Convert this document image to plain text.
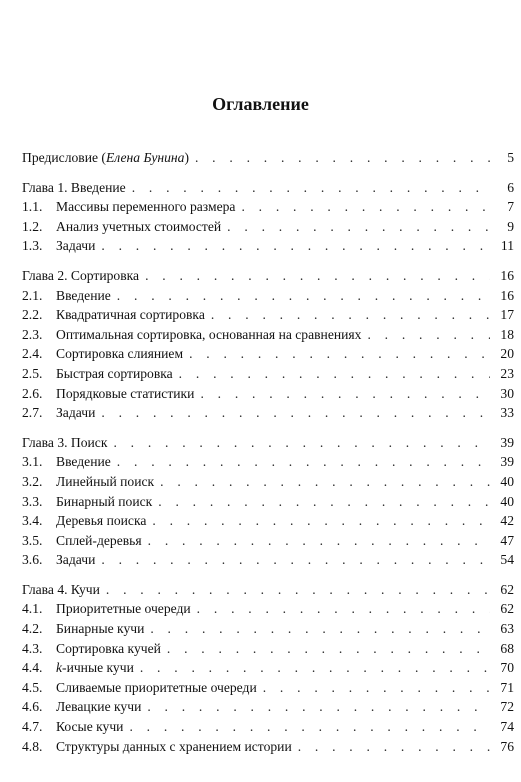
Оглавление
Предисловие (Елена Бунина) . . .	5
Глава 1. Введение . . .	6
1.1. Массивы переменного размера . . .	7
1.2. Анализ учетных стоимостей . . .	9
1.3. Задачи . . .	11
Глава 2. Сортировка . . .	16
2.1. Введение . . .	16
2.2. Квадратичная сортировка . . .	17
2.3. Оптимальная сортировка, основанная на сравнениях . . .	18
2.4. Сортировка слиянием . . .	20
2.5. Быстрая сортировка . . .	23
2.6. Порядковые статистики . . .	30
2.7. Задачи . . .	33
Глава 3. Поиск . . .	39
3.1. Введение . . .	39
3.2. Линейный поиск . . .	40
3.3. Бинарный поиск . . .	40
3.4. Деревья поиска . . .	42
3.5. Сплей-деревья . . .	47
3.6. Задачи . . .	54
Глава 4. Кучи . . .	62
4.1. Приоритетные очереди . . .	62
4.2. Бинарные кучи . . .	63
4.3. Сортировка кучей . . .	68
4.4. k-ичные кучи . . .	70
4.5. Сливаемые приоритетные очереди . . .	71
4.6. Левацкие кучи . . .	72
4.7. Косые кучи . . .	74
4.8. Структуры данных с хранением истории . . .	76
